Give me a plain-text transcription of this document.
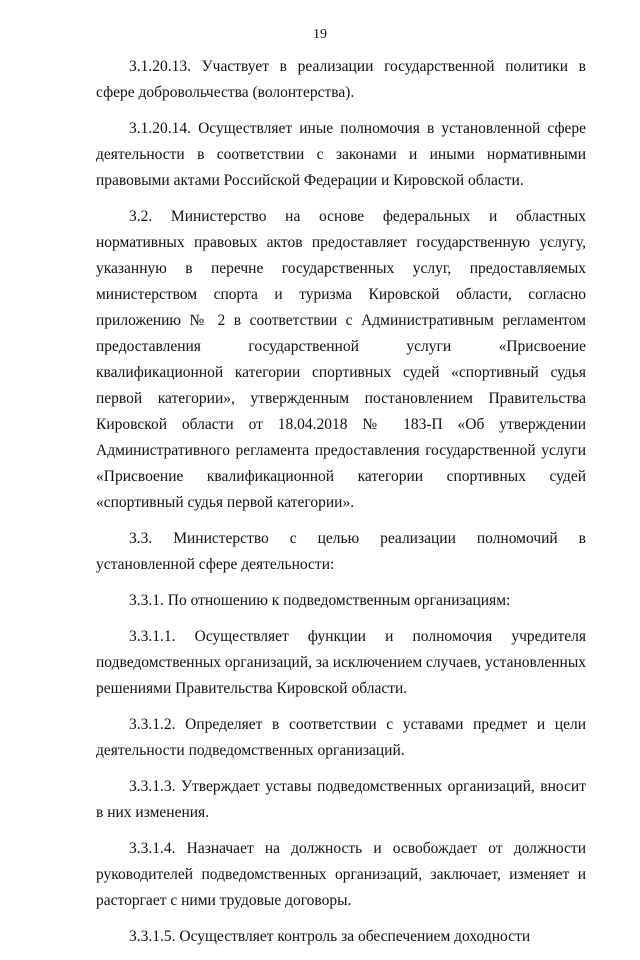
19

3.1.20.13. Участвует в реализации государственной политики в сфере добровольчества (волонтерства).

3.1.20.14. Осуществляет иные полномочия в установленной сфере деятельности в соответствии с законами и иными нормативными правовыми актами Российской Федерации и Кировской области.

3.2. Министерство на основе федеральных и областных нормативных правовых актов предоставляет государственную услугу, указанную в перечне государственных услуг, предоставляемых министерством спорта и туризма Кировской области, согласно приложению № 2 в соответствии с Административным регламентом предоставления государственной услуги «Присвоение квалификационной категории спортивных судей «спортивный судья первой категории», утвержденным постановлением Правительства Кировской области от 18.04.2018 № 183-П «Об утверждении Административного регламента предоставления государственной услуги «Присвоение квалификационной категории спортивных судей «спортивный судья первой категории».

3.3. Министерство с целью реализации полномочий в установленной сфере деятельности:

3.3.1. По отношению к подведомственным организациям:

3.3.1.1. Осуществляет функции и полномочия учредителя подведомственных организаций, за исключением случаев, установленных решениями Правительства Кировской области.

3.3.1.2. Определяет в соответствии с уставами предмет и цели деятельности подведомственных организаций.

3.3.1.3. Утверждает уставы подведомственных организаций, вносит в них изменения.

3.3.1.4. Назначает на должность и освобождает от должности руководителей подведомственных организаций, заключает, изменяет и расторгает с ними трудовые договоры.

3.3.1.5. Осуществляет контроль за обеспечением доходности
